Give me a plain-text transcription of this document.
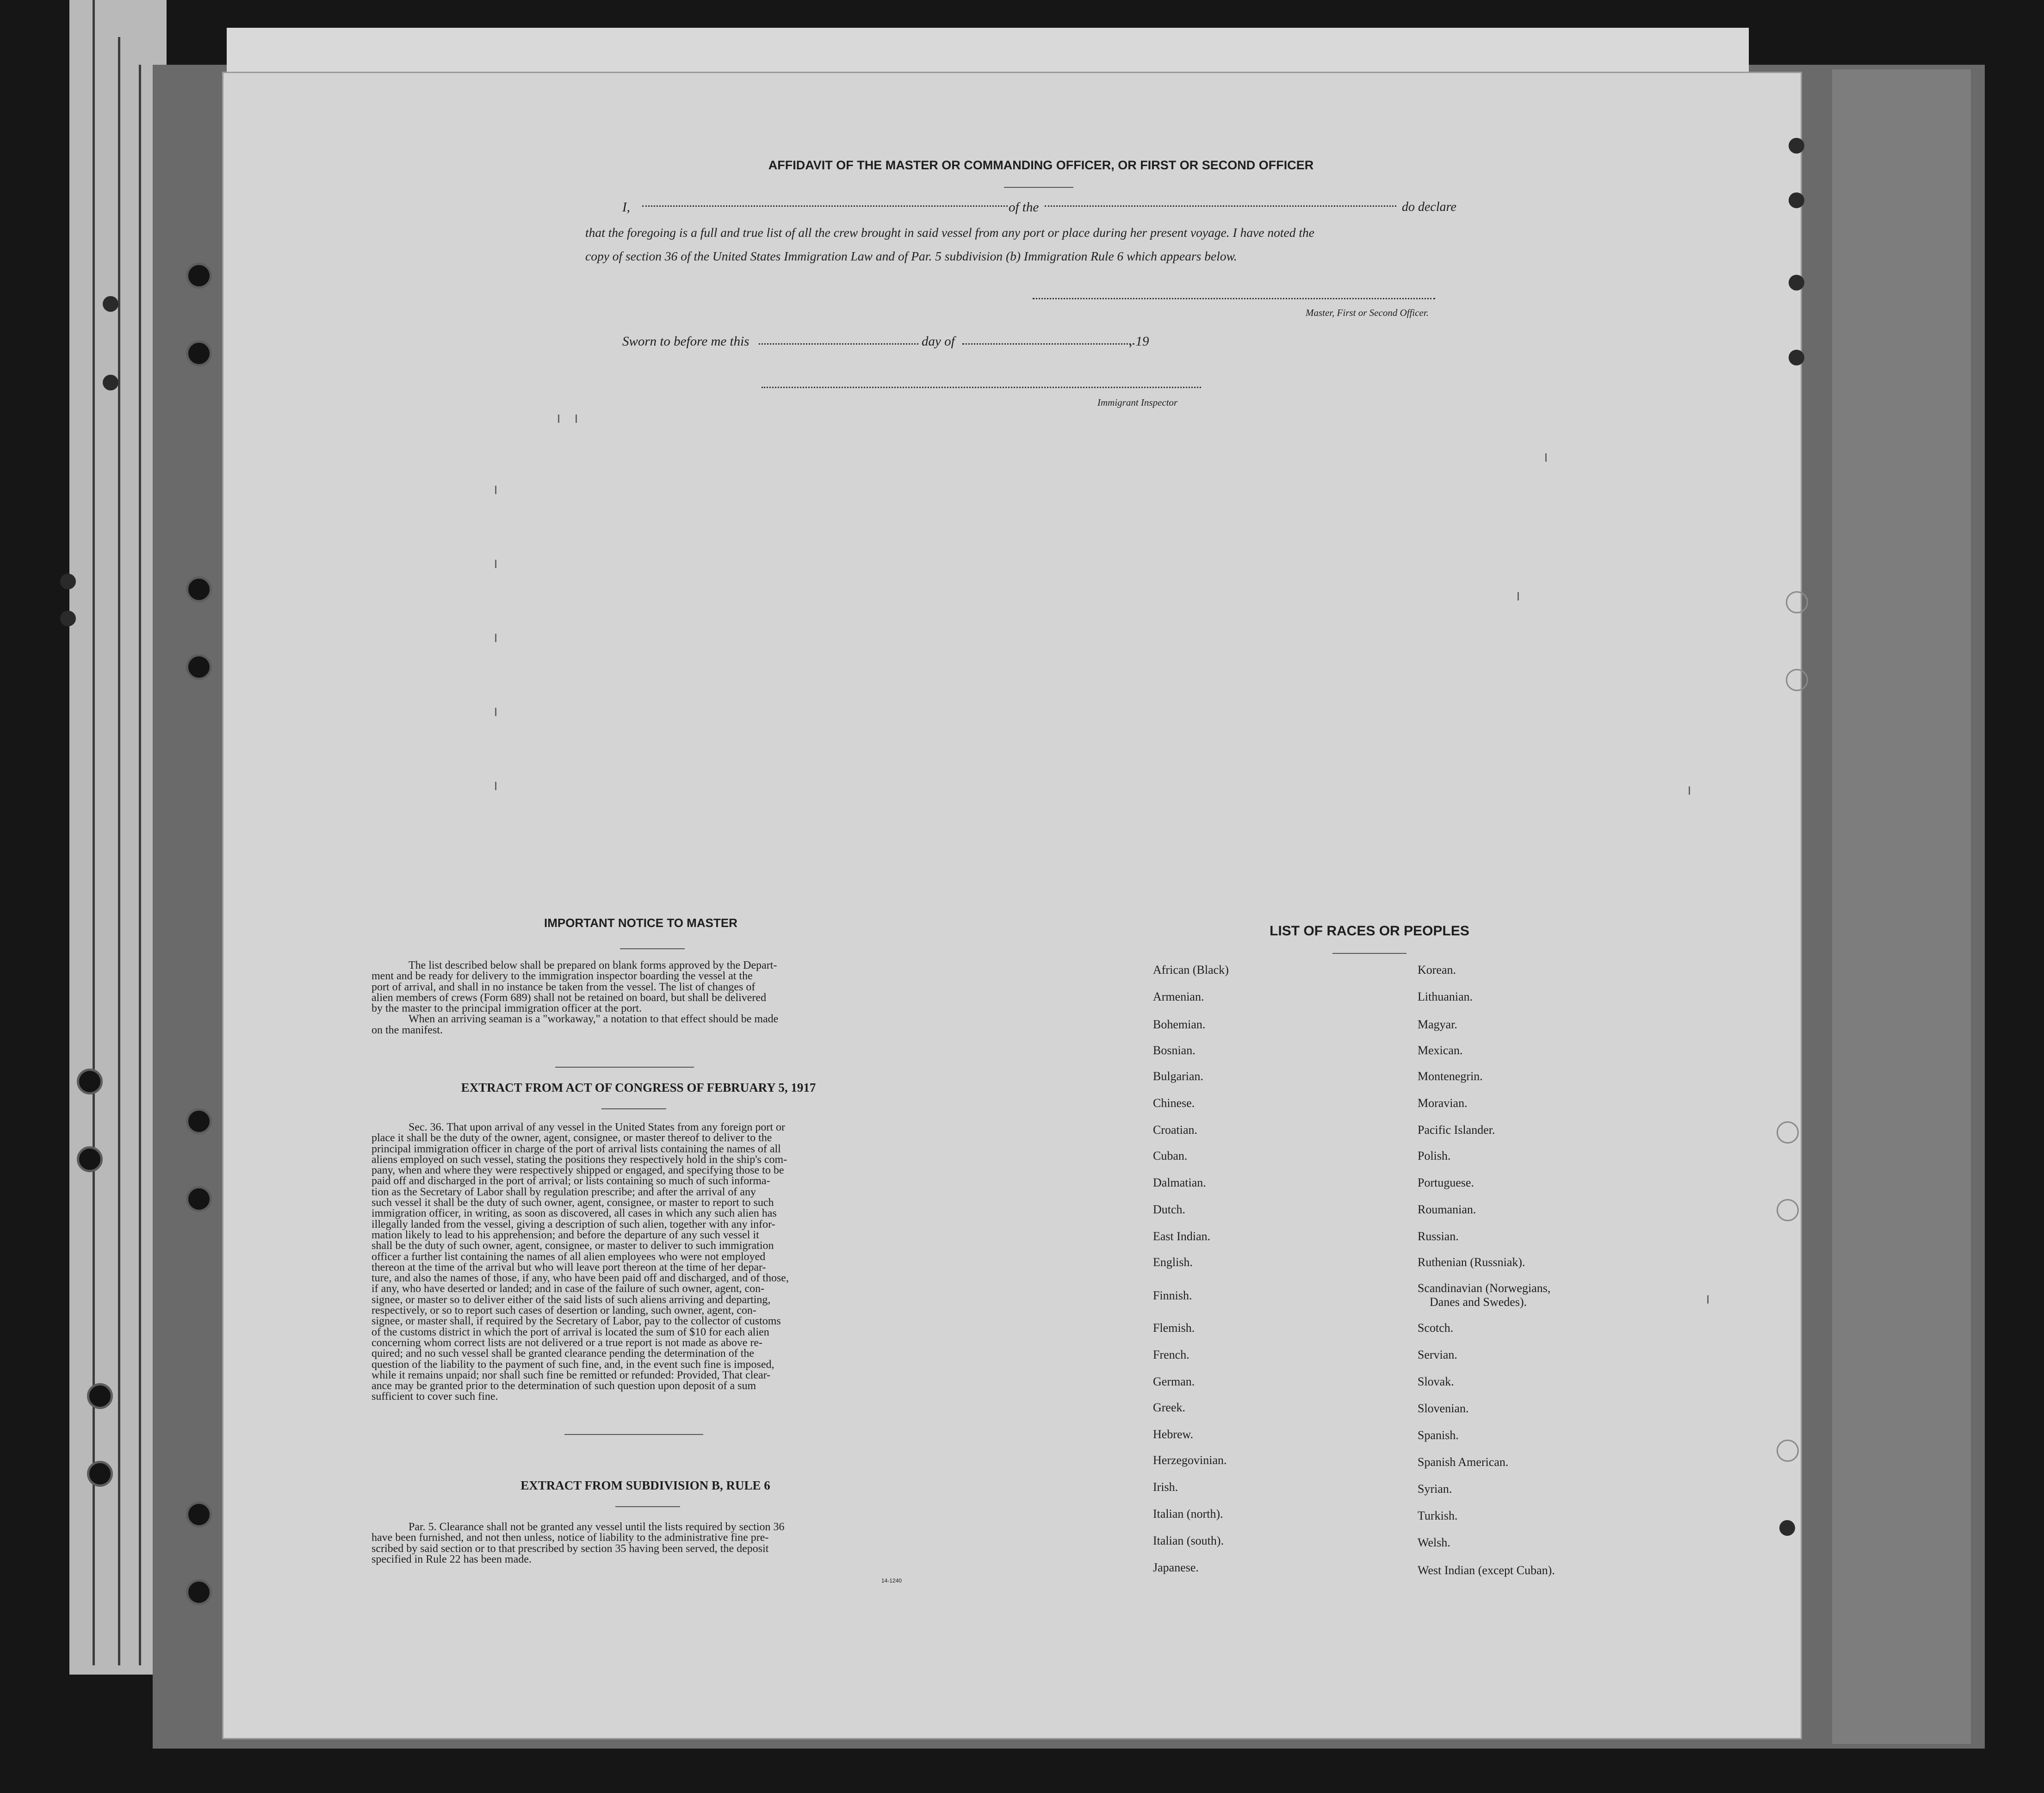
AFFIDAVIT OF THE MASTER OR COMMANDING OFFICER, OR FIRST OR SECOND OFFICER
I,	of the	do declare
that the foregoing is a full and true list of all the crew brought in said vessel from any port or place during her present voyage. I have noted the
copy of section 36 of the United States Immigration Law and of Par. 5 subdivision (b) Immigration Rule 6 which appears below.
Master, First or Second Officer.
Sworn to before me this	day of	, 19
Immigrant Inspector
IMPORTANT NOTICE TO MASTER
The list described below shall be prepared on blank forms approved by the Depart-
ment and be ready for delivery to the immigration inspector boarding the vessel at the
port of arrival, and shall in no instance be taken from the vessel. The list of changes of
alien members of crews (Form 689) shall not be retained on board, but shall be delivered
by the master to the principal immigration officer at the port.
When an arriving seaman is a "workaway," a notation to that effect should be made
on the manifest.
EXTRACT FROM ACT OF CONGRESS OF FEBRUARY 5, 1917
Sec. 36. That upon arrival of any vessel in the United States from any foreign port or
place it shall be the duty of the owner, agent, consignee, or master thereof to deliver to the
principal immigration officer in charge of the port of arrival lists containing the names of all
aliens employed on such vessel, stating the positions they respectively hold in the ship's com-
pany, when and where they were respectively shipped or engaged, and specifying those to be
paid off and discharged in the port of arrival; or lists containing so much of such informa-
tion as the Secretary of Labor shall by regulation prescribe; and after the arrival of any
such vessel it shall be the duty of such owner, agent, consignee, or master to report to such
immigration officer, in writing, as soon as discovered, all cases in which any such alien has
illegally landed from the vessel, giving a description of such alien, together with any infor-
mation likely to lead to his apprehension; and before the departure of any such vessel it
shall be the duty of such owner, agent, consignee, or master to deliver to such immigration
officer a further list containing the names of all alien employees who were not employed
thereon at the time of the arrival but who will leave port thereon at the time of her depar-
ture, and also the names of those, if any, who have been paid off and discharged, and of those,
if any, who have deserted or landed; and in case of the failure of such owner, agent, con-
signee, or master so to deliver either of the said lists of such aliens arriving and departing,
respectively, or so to report such cases of desertion or landing, such owner, agent, con-
signee, or master shall, if required by the Secretary of Labor, pay to the collector of customs
of the customs district in which the port of arrival is located the sum of $10 for each alien
concerning whom correct lists are not delivered or a true report is not made as above re-
quired; and no such vessel shall be granted clearance pending the determination of the
question of the liability to the payment of such fine, and, in the event such fine is imposed,
while it remains unpaid; nor shall such fine be remitted or refunded: Provided, That clear-
ance may be granted prior to the determination of such question upon deposit of a sum
sufficient to cover such fine.
EXTRACT FROM SUBDIVISION B, RULE 6
Par. 5. Clearance shall not be granted any vessel until the lists required by section 36
have been furnished, and not then unless, notice of liability to the administrative fine pre-
scribed by said section or to that prescribed by section 35 having been served, the deposit
specified in Rule 22 has been made.
14-1240
LIST OF RACES OR PEOPLES
African (Black)
Armenian.
Bohemian.
Bosnian.
Bulgarian.
Chinese.
Croatian.
Cuban.
Dalmatian.
Dutch.
East Indian.
English.
Finnish.
Flemish.
French.
German.
Greek.
Hebrew.
Herzegovinian.
Irish.
Italian (north).
Italian (south).
Japanese.
Korean.
Lithuanian.
Magyar.
Mexican.
Montenegrin.
Moravian.
Pacific Islander.
Polish.
Portuguese.
Roumanian.
Russian.
Ruthenian (Russniak).
Scandinavian (Norwegians,
Danes and Swedes).
Scotch.
Servian.
Slovak.
Slovenian.
Spanish.
Spanish American.
Syrian.
Turkish.
Welsh.
West Indian (except Cuban).
